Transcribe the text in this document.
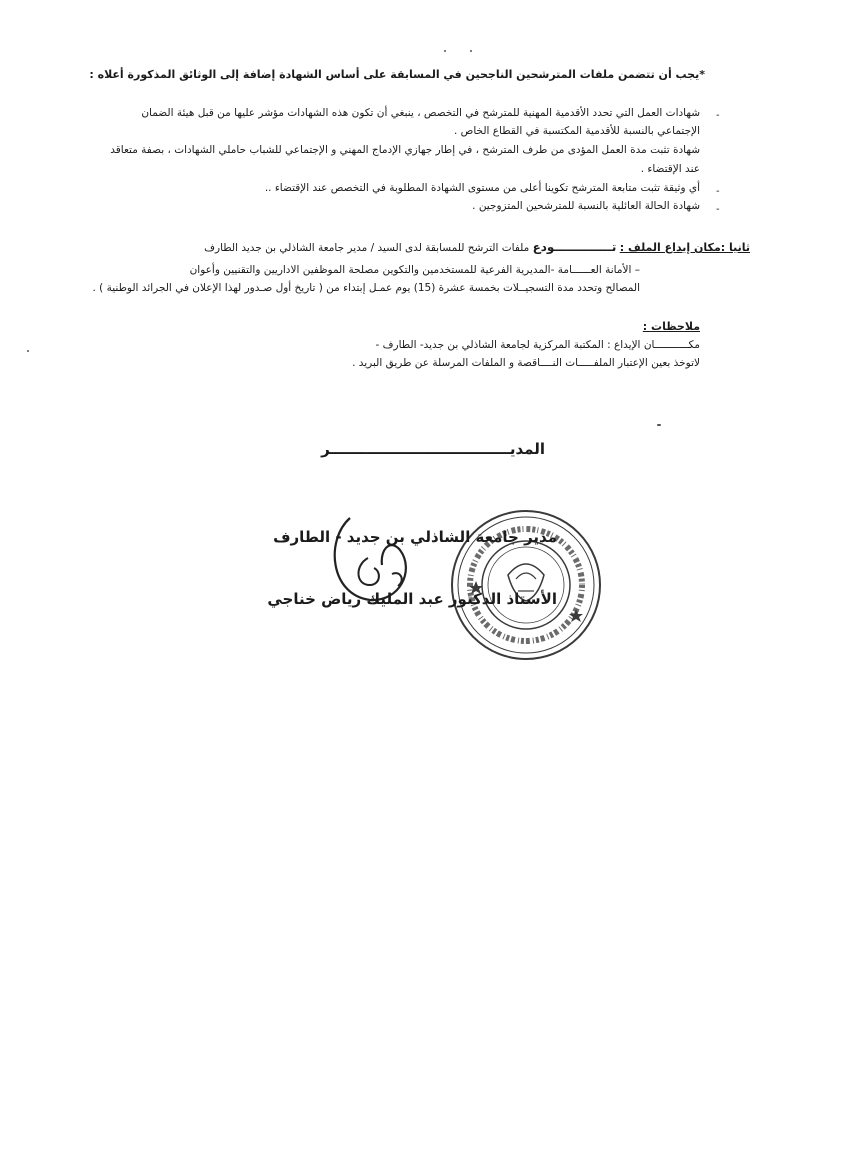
*يجب أن تتضمن ملفات المترشحين الناجحين في المسابقة على أساس الشهادة إضافة إلى الوثائق المذكورة أعلاه :
-
شهادات العمل التي تحدد الأقدمية المهنية للمترشح في التخصص ، ينبغي أن تكون هذه الشهادات مؤشر عليها من قبل هيئة الضمان
الإجتماعي بالنسبة للأقدمية المكتسبة في القطاع الخاص .
شهادة تثبت مدة العمل المؤدى من طرف المترشح ، في إطار جهازي الإدماج المهني و الإجتماعي للشباب حاملي الشهادات ، بصفة متعاقد
عند الإقتضاء .
-
أي وثيقة تثبت متابعة المترشح تكوينا أعلى من مستوى الشهادة المطلوبة في التخصص عند الإقتضاء ..
-
شهادة الحالة العائلية بالنسبة للمترشحين المتزوجين .
ثانيا :مكان إيداع الملف : تــــــــــــــودع ملفات الترشح للمسابقة لدى السيد / مدير جامعة الشاذلي بن جديد الطارف
– الأمانة العــــــامة -المديرية الفرعية للمستخدمين والتكوين مصلحة الموظفين الاداريين والتقنيين وأعوان
المصالح وتحدد مدة التسجيــلات بخمسة عشرة (15) يوم عمـل إبتداء من ( تاريخ أول صـدور لهذا الإعلان في الجرائد الوطنية ) .
ملاحظات :
مكـــــــــــان الإيداع : المكتبة المركزية لجامعة الشاذلي بن جديد- الطارف -
لاتوخذ بعين الإعتبار الملفـــــات النــــاقصة و الملفات المرسلة عن طريق البريد .
المديـــــــــــــــــــــــــــــــــــر
مدير جامعة الشاذلي بن جديد - الطارف
الأستاذ الدكتور عبد المليك رياض خناجي
